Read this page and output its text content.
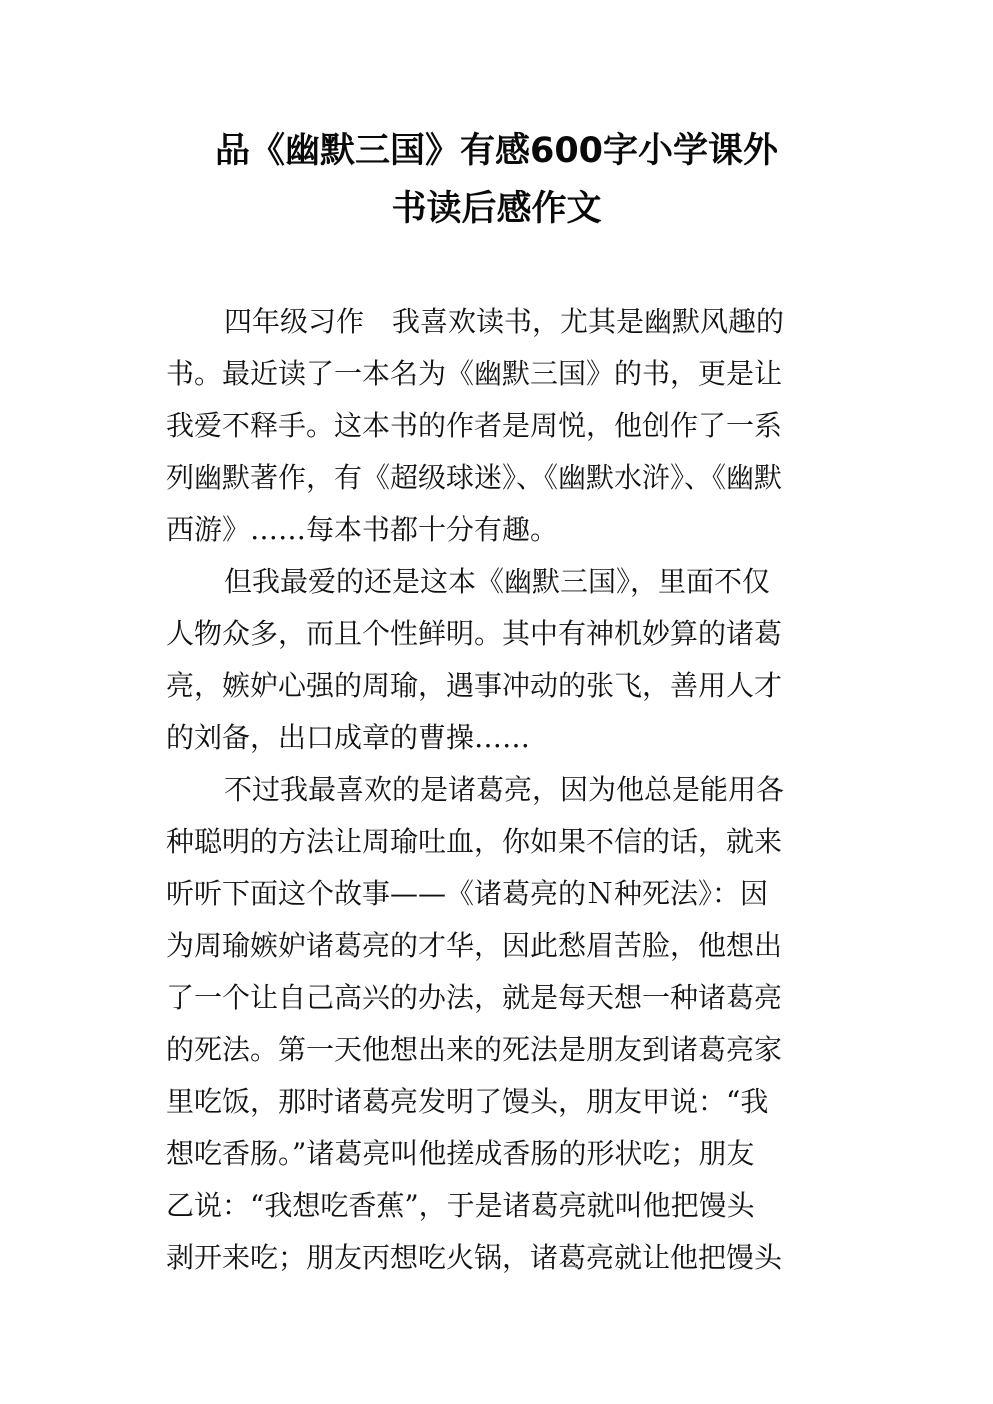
品《幽默三国》有感600字小学课外
书读后感作文
四年级习作　我喜欢读书，尤其是幽默风趣的
书。最近读了一本名为《幽默三国》的书，更是让
我爱不释手。这本书的作者是周悦，他创作了一系
列幽默著作，有《超级球迷》、《幽默水浒》、《幽默
西游》……每本书都十分有趣。
但我最爱的还是这本《幽默三国》，里面不仅
人物众多，而且个性鲜明。其中有神机妙算的诸葛
亮，嫉妒心强的周瑜，遇事冲动的张飞，善用人才
的刘备，出口成章的曹操……
不过我最喜欢的是诸葛亮，因为他总是能用各
种聪明的方法让周瑜吐血，你如果不信的话，就来
听听下面这个故事——《诸葛亮的Ｎ种死法》：因
为周瑜嫉妒诸葛亮的才华，因此愁眉苦脸，他想出
了一个让自己高兴的办法，就是每天想一种诸葛亮
的死法。第一天他想出来的死法是朋友到诸葛亮家
里吃饭，那时诸葛亮发明了馒头，朋友甲说：“我
想吃香肠。”诸葛亮叫他搓成香肠的形状吃；朋友
乙说：“我想吃香蕉”，于是诸葛亮就叫他把馒头
剥开来吃；朋友丙想吃火锅，诸葛亮就让他把馒头
